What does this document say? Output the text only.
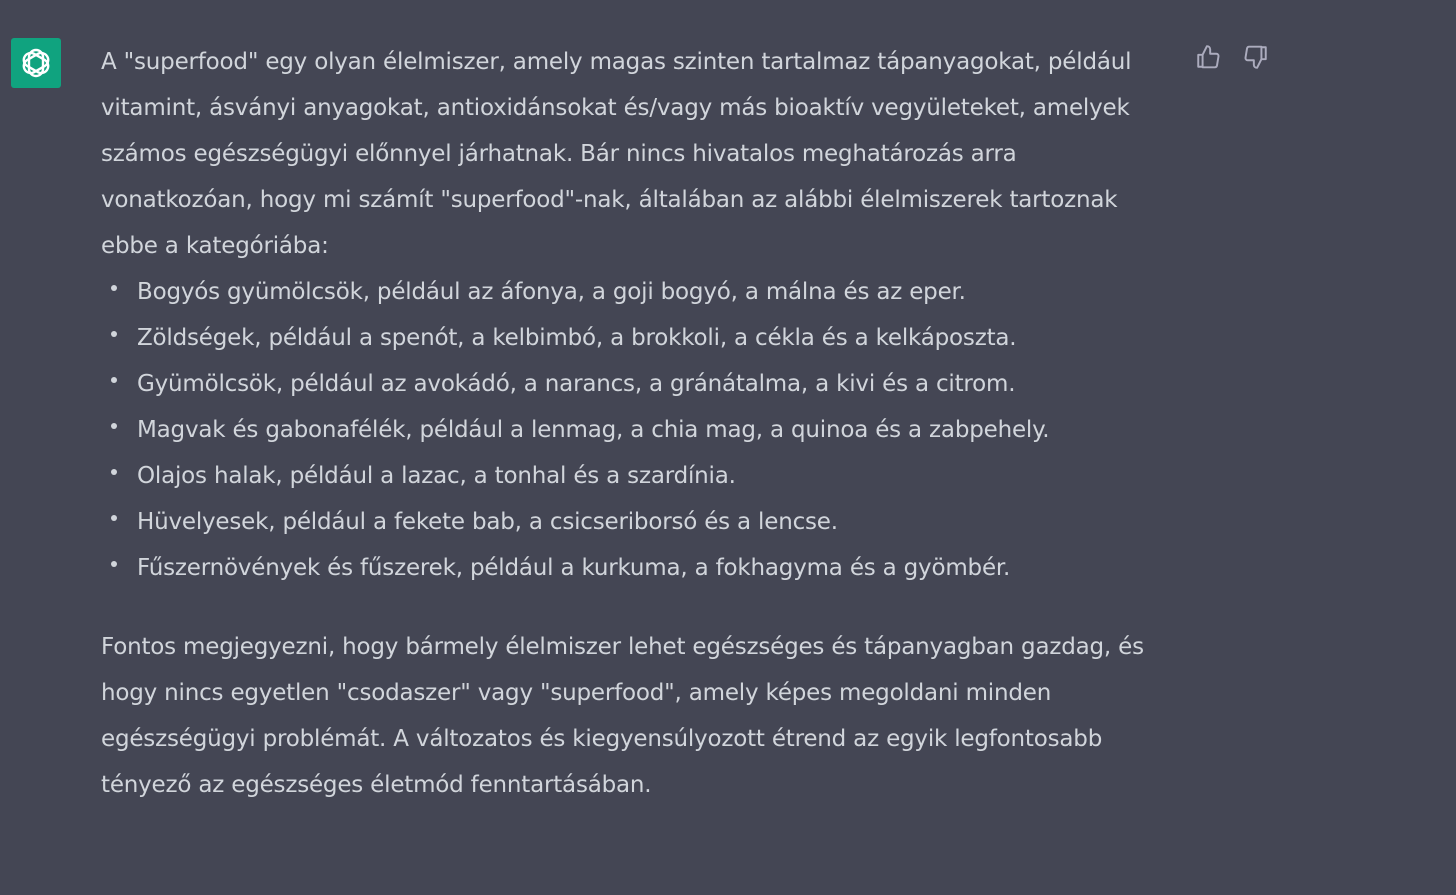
A "superfood" egy olyan élelmiszer, amely magas szinten tartalmaz tápanyagokat, például
vitamint, ásványi anyagokat, antioxidánsokat és/vagy más bioaktív vegyületeket, amelyek
számos egészségügyi előnnyel járhatnak. Bár nincs hivatalos meghatározás arra
vonatkozóan, hogy mi számít "superfood"-nak, általában az alábbi élelmiszerek tartoznak
ebbe a kategóriába:

Bogyós gyümölcsök, például az áfonya, a goji bogyó, a málna és az eper.
Zöldségek, például a spenót, a kelbimbó, a brokkoli, a cékla és a kelkáposzta.
Gyümölcsök, például az avokádó, a narancs, a gránátalma, a kivi és a citrom.
Magvak és gabonafélék, például a lenmag, a chia mag, a quinoa és a zabpehely.
Olajos halak, például a lazac, a tonhal és a szardínia.
Hüvelyesek, például a fekete bab, a csicseriborsó és a lencse.
Fűszernövények és fűszerek, például a kurkuma, a fokhagyma és a gyömbér.

Fontos megjegyezni, hogy bármely élelmiszer lehet egészséges és tápanyagban gazdag, és
hogy nincs egyetlen "csodaszer" vagy "superfood", amely képes megoldani minden
egészségügyi problémát. A változatos és kiegyensúlyozott étrend az egyik legfontosabb
tényező az egészséges életmód fenntartásában.
